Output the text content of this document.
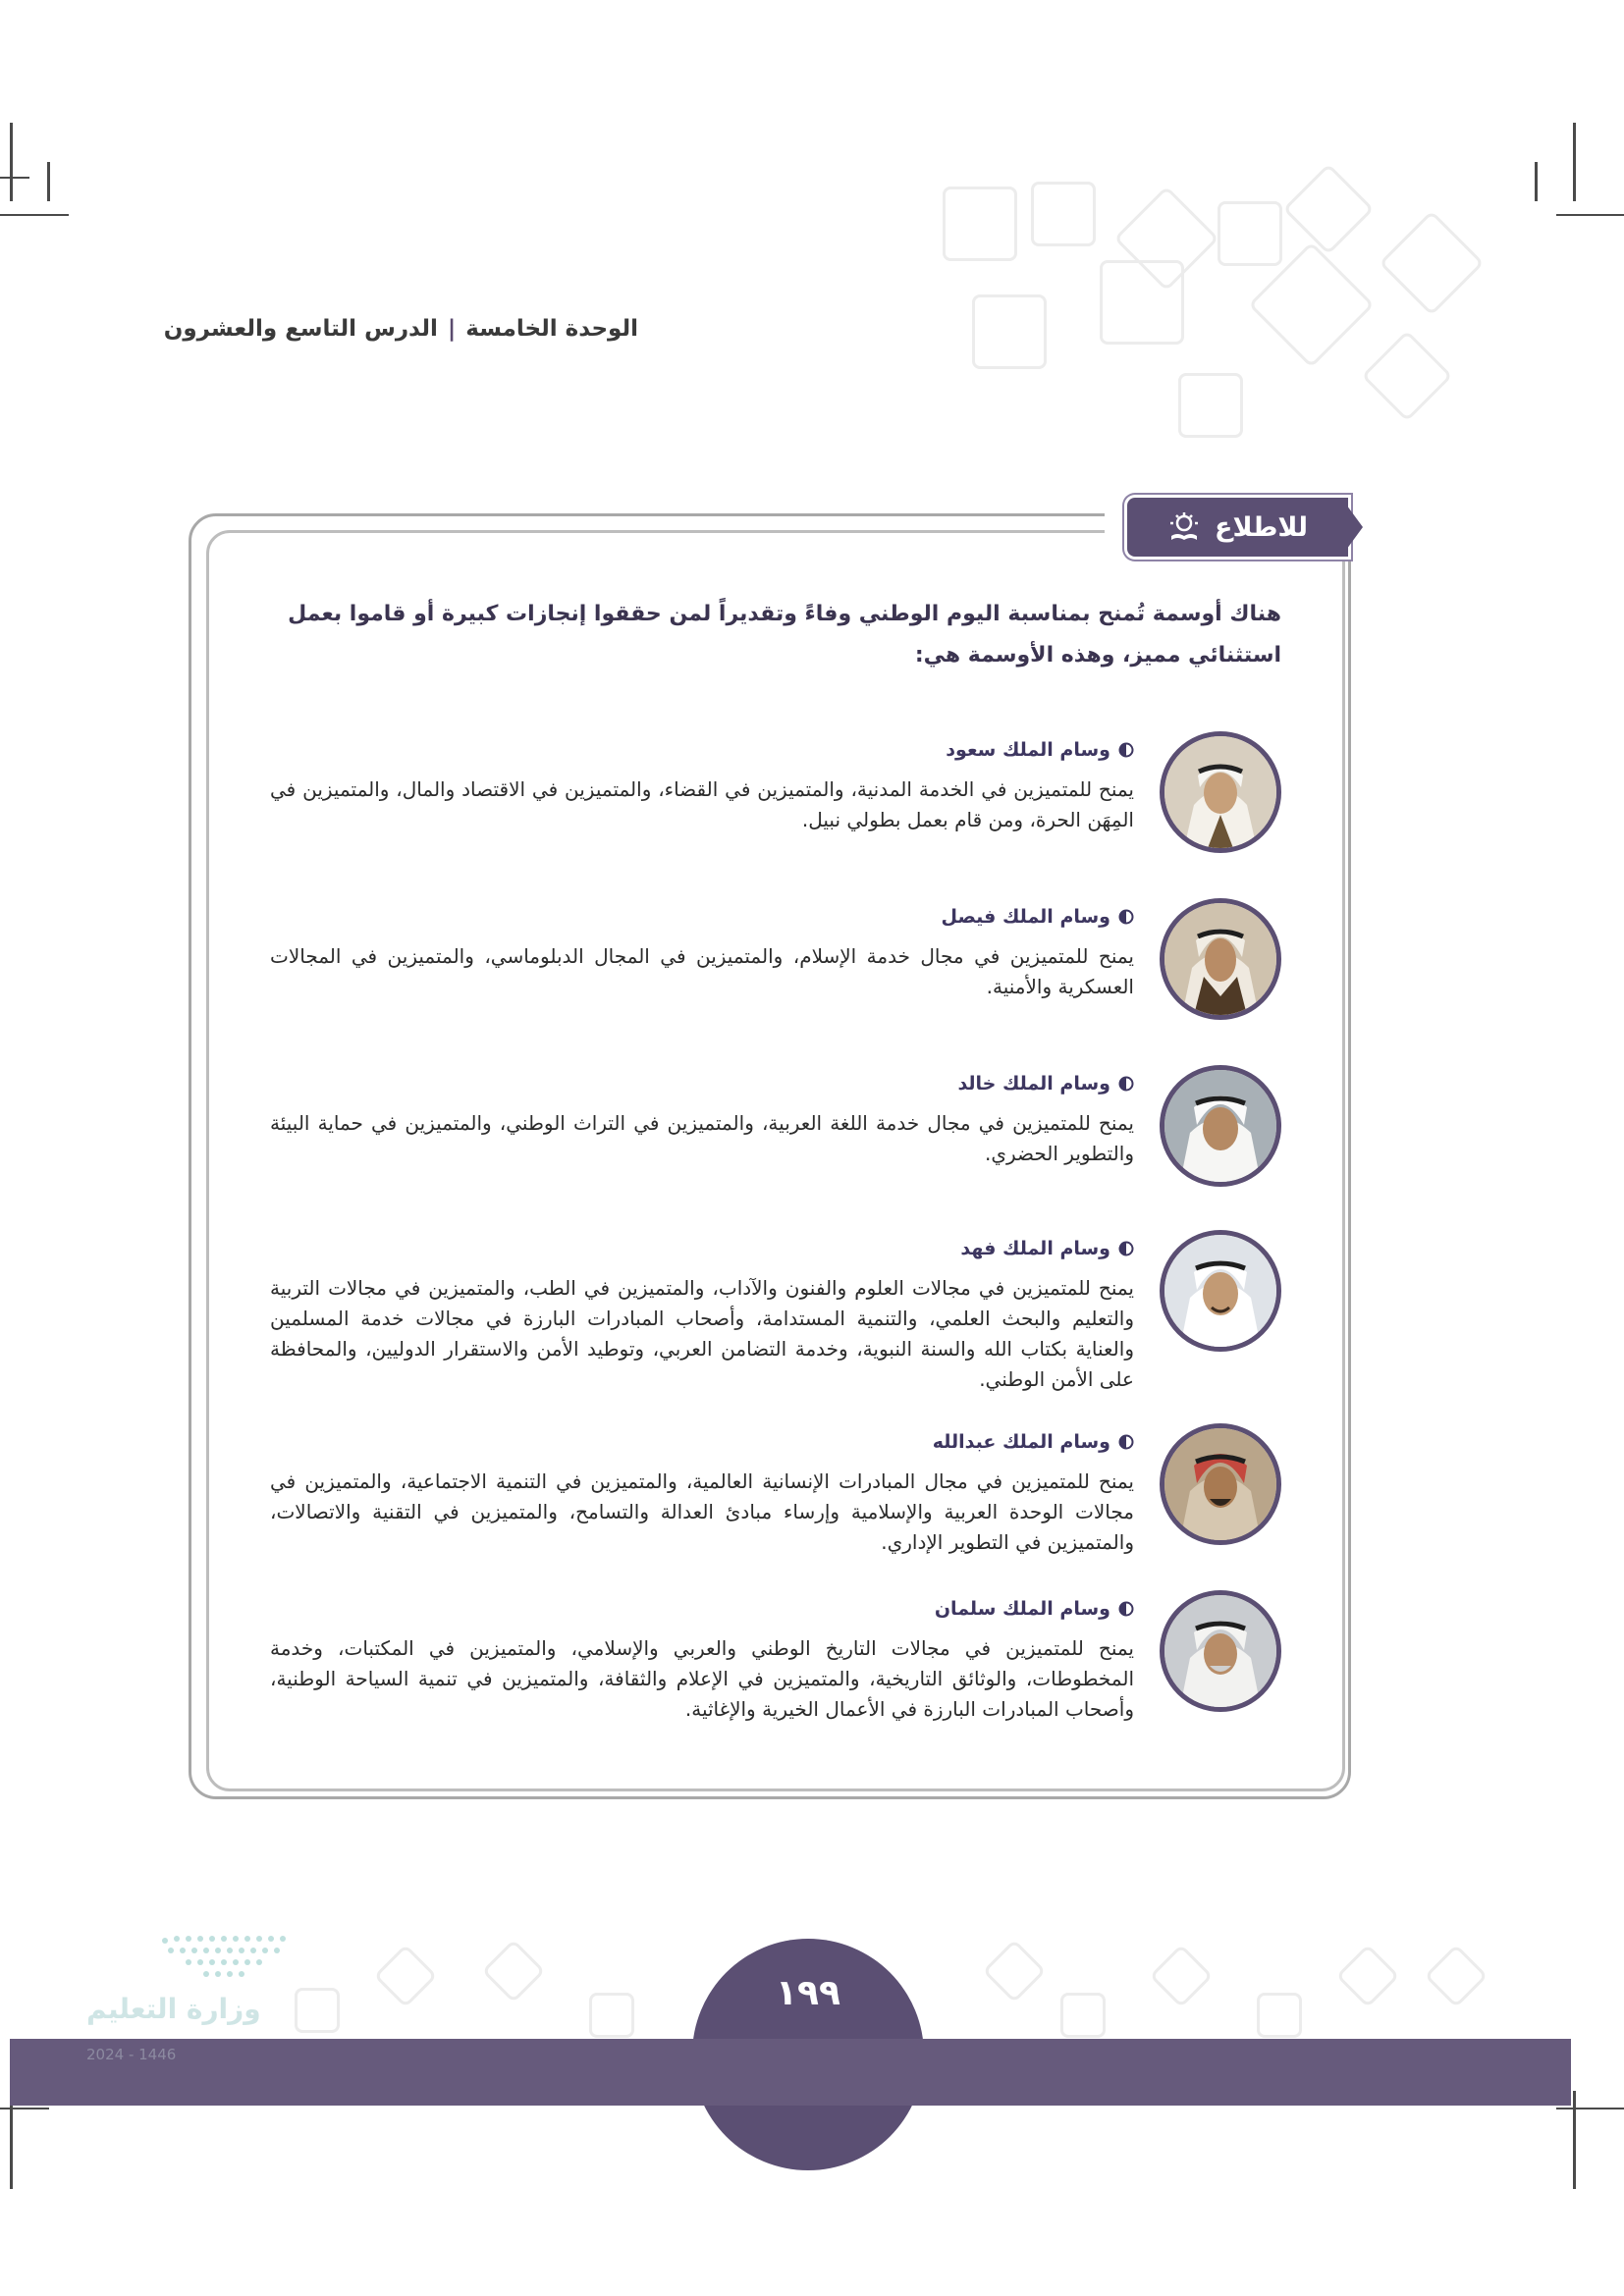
الوحدة الخامسة|الدرس التاسع والعشرون
للاطلاع
هناك أوسمة تُمنح بمناسبة اليوم الوطني وفاءً وتقديراً لمن حققوا إنجازات كبيرة أو قاموا بعمل استثنائي مميز، وهذه الأوسمة هي:
وسام الملك سعود
يمنح للمتميزين في الخدمة المدنية، والمتميزين في القضاء، والمتميزين في الاقتصاد والمال، والمتميزين في المِهَن الحرة، ومن قام بعمل بطولي نبيل.
وسام الملك فيصل
يمنح للمتميزين في مجال خدمة الإسلام، والمتميزين في المجال الدبلوماسي، والمتميزين في المجالات العسكرية والأمنية.
وسام الملك خالد
يمنح للمتميزين في مجال خدمة اللغة العربية، والمتميزين في التراث الوطني، والمتميزين في حماية البيئة والتطوير الحضري.
وسام الملك فهد
يمنح للمتميزين في مجالات العلوم والفنون والآداب، والمتميزين في الطب، والمتميزين في مجالات التربية والتعليم والبحث العلمي، والتنمية المستدامة، وأصحاب المبادرات البارزة في مجالات خدمة المسلمين والعناية بكتاب الله والسنة النبوية، وخدمة التضامن العربي، وتوطيد الأمن والاستقرار الدوليين، والمحافظة على الأمن الوطني.
وسام الملك عبدالله
يمنح للمتميزين في مجال المبادرات الإنسانية العالمية، والمتميزين في التنمية الاجتماعية، والمتميزين في مجالات الوحدة العربية والإسلامية وإرساء مبادئ العدالة والتسامح، والمتميزين في التقنية والاتصالات، والمتميزين في التطوير الإداري.
وسام الملك سلمان
يمنح للمتميزين في مجالات التاريخ الوطني والعربي والإسلامي، والمتميزين في المكتبات، وخدمة المخطوطات، والوثائق التاريخية، والمتميزين في الإعلام والثقافة، والمتميزين في تنمية السياحة الوطنية، وأصحاب المبادرات البارزة في الأعمال الخيرية والإغاثية.
١٩٩
وزارة التعليم
2024 - 1446
